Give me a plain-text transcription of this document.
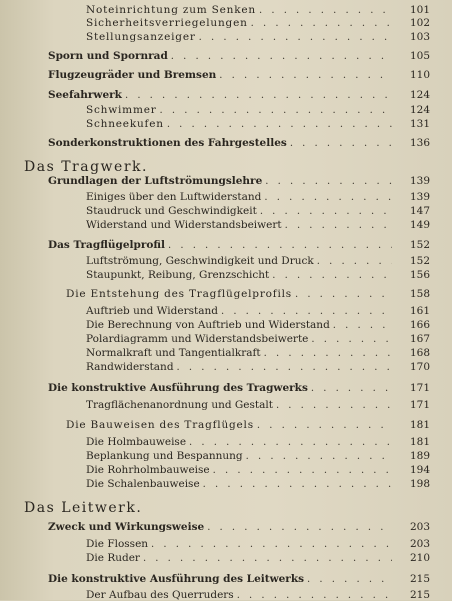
Noteinrichtung zum Senken . . .	101
Sicherheitsverriegelungen . . .	102
Stellungsanzeiger . . .	103
Sporn und Spornrad . . .	105
Flugzeugräder und Bremsen . . .	110
Seefahrwerk . . .	124
Schwimmer . . .	124
Schneekufen . . .	131
Sonderkonstruktionen des Fahrgestelles . . .	136
Das Tragwerk.
Grundlagen der Luftströmungslehre . . .	139
Einiges über den Luftwiderstand . . .	139
Staudruck und Geschwindigkeit . . .	147
Widerstand und Widerstandsbeiwert . . .	149
Das Tragflügelprofil . . .	152
Luftströmung, Geschwindigkeit und Druck . . .	152
Staupunkt, Reibung, Grenzschicht . . .	156
Die Entstehung des Tragflügelprofils . . .	158
Auftrieb und Widerstand . . .	161
Die Berechnung von Auftrieb und Widerstand . . .	166
Polardiagramm und Widerstandsbeiwerte . . .	167
Normalkraft und Tangentialkraft . . .	168
Randwiderstand . . .	170
Die konstruktive Ausführung des Tragwerks . . .	171
Tragflächenanordnung und Gestalt . . .	171
Die Bauweisen des Tragflügels . . .	181
Die Holmbauweise . . .	181
Beplankung und Bespannung . . .	189
Die Rohrholmbauweise . . .	194
Die Schalenbauweise . . .	198
Das Leitwerk.
Zweck und Wirkungsweise . . .	203
Die Flossen . . .	203
Die Ruder . . .	210
Die konstruktive Ausführung des Leitwerks . . .	215
Der Aufbau des Querruders . . .	215
